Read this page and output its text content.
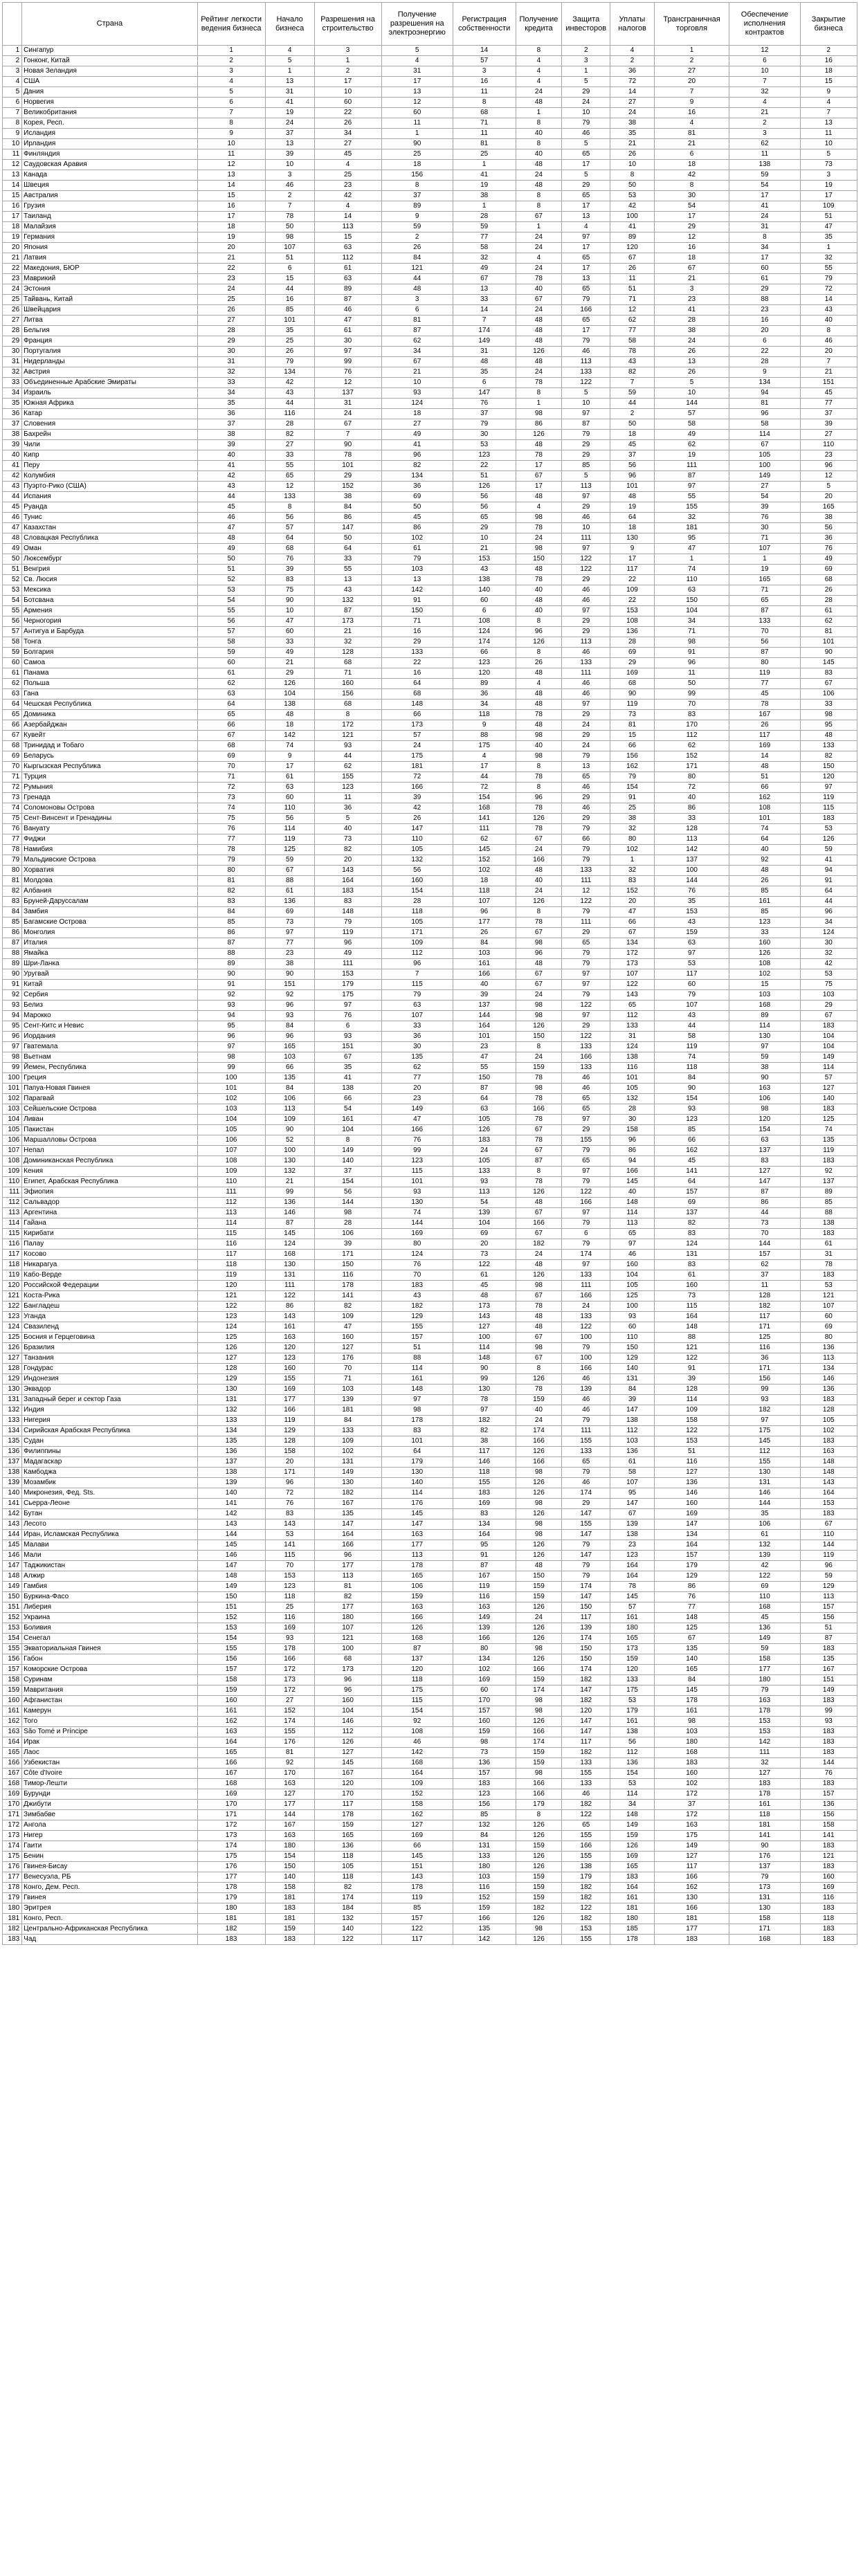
	Страна	Рейтинг легкости ведения бизнеса	Начало бизнеса	Разрешения на строительство	Получение разрешения на электроэнергию	Регистрация собственности	Получение кредита	Защита инвесторов	Уплаты налогов	Трансграничная торговля	Обеспечение исполнения контрактов	Закрытие бизнеса
1	Сингапур	1	4	3	5	14	8	2	4	1	12	2
2	Гонконг, Китай	2	5	1	4	57	4	3	2	2	6	16
3	Новая Зеландия	3	1	2	31	3	4	1	36	27	10	18
4	США	4	13	17	17	16	4	5	72	20	7	15
5	Дания	5	31	10	13	11	24	29	14	7	32	9
6	Норвегия	6	41	60	12	8	48	24	27	9	4	4
7	Великобритания	7	19	22	60	68	1	10	24	16	21	7
8	Корея, Респ.	8	24	26	11	71	8	79	38	4	2	13
9	Исландия	9	37	34	1	11	40	46	35	81	3	11
10	Ирландия	10	13	27	90	81	8	5	21	21	62	10
11	Финляндия	11	39	45	25	25	40	65	26	6	11	5
12	Саудовская Аравия	12	10	4	18	1	48	17	10	18	138	73
13	Канада	13	3	25	156	41	24	5	8	42	59	3
14	Швеция	14	46	23	8	19	48	29	50	8	54	19
15	Австралия	15	2	42	37	38	8	65	53	30	17	17
16	Грузия	16	7	4	89	1	8	17	42	54	41	109
17	Таиланд	17	78	14	9	28	67	13	100	17	24	51
18	Малайзия	18	50	113	59	59	1	4	41	29	31	47
19	Германия	19	98	15	2	77	24	97	89	12	8	35
20	Япония	20	107	63	26	58	24	17	120	16	34	1
21	Латвия	21	51	112	84	32	4	65	67	18	17	32
22	Македония, БЮР	22	6	61	121	49	24	17	26	67	60	55
23	Маврикий	23	15	63	44	67	78	13	11	21	61	79
24	Эстония	24	44	89	48	13	40	65	51	3	29	72
25	Тайвань, Китай	25	16	87	3	33	67	79	71	23	88	14
26	Швейцария	26	85	46	6	14	24	166	12	41	23	43
27	Литва	27	101	47	81	7	48	65	62	28	16	40
28	Бельгия	28	35	61	87	174	48	17	77	38	20	8
29	Франция	29	25	30	62	149	48	79	58	24	6	46
30	Португалия	30	26	97	34	31	126	46	78	26	22	20
31	Нидерланды	31	79	99	67	48	48	113	43	13	28	7
32	Австрия	32	134	76	21	35	24	133	82	26	9	21
33	Объединенные Арабские Эмираты	33	42	12	10	6	78	122	7	5	134	151
34	Израиль	34	43	137	93	147	8	5	59	10	94	45
35	Южная Африка	35	44	31	124	76	1	10	44	144	81	77
36	Катар	36	116	24	18	37	98	97	2	57	96	37
37	Словения	37	28	67	27	79	86	87	50	58	58	39
38	Бахрейн	38	82	7	49	30	126	79	18	49	114	27
39	Чили	39	27	90	41	53	48	29	45	62	67	110
40	Кипр	40	33	78	96	123	78	29	37	19	105	23
41	Перу	41	55	101	82	22	17	85	56	111	100	96
42	Колумбия	42	65	29	134	51	67	5	96	87	149	12
43	Пуэрто-Рико (США)	43	12	152	36	126	17	113	101	97	27	5
44	Испания	44	133	38	69	56	48	97	48	55	54	20
45	Руанда	45	8	84	50	56	4	29	19	155	39	165
46	Тунис	46	56	86	45	65	98	46	64	32	76	38
47	Казахстан	47	57	147	86	29	78	10	18	181	30	56
48	Словацкая Республика	48	64	50	102	10	24	111	130	95	71	36
49	Оман	49	68	64	61	21	98	97	9	47	107	76
50	Люксембург	50	76	33	79	153	150	122	17	1	1	49
51	Венгрия	51	39	55	103	43	48	122	117	74	19	69
52	Св. Люсия	52	83	13	13	138	78	29	22	110	165	68
53	Мексика	53	75	43	142	140	40	46	109	63	71	26
54	Ботсвана	54	90	132	91	60	48	46	22	150	65	28
55	Армения	55	10	87	150	6	40	97	153	104	87	61
56	Черногория	56	47	173	71	108	8	29	108	34	133	62
57	Антигуа и Барбуда	57	60	21	16	124	96	29	136	71	70	81
58	Тонга	58	33	32	29	174	126	113	28	98	56	101
59	Болгария	59	49	128	133	66	8	46	69	91	87	90
60	Самоа	60	21	68	22	123	26	133	29	96	80	145
61	Панама	61	29	71	16	120	48	111	169	11	119	83
62	Польша	62	126	160	64	89	4	46	68	50	77	67
63	Гана	63	104	156	68	36	48	46	90	99	45	106
64	Чешская Республика	64	138	68	148	34	48	97	119	70	78	33
65	Доминика	65	48	8	66	118	78	29	73	83	167	98
66	Азербайджан	66	18	172	173	9	48	24	81	170	26	95
67	Кувейт	67	142	121	57	88	98	29	15	112	117	48
68	Тринидад и Тобаго	68	74	93	24	175	40	24	66	62	169	133
69	Беларусь	69	9	44	175	4	98	79	156	152	14	82
70	Кыргызская Республика	70	17	62	181	17	8	13	162	171	48	150
71	Турция	71	61	155	72	44	78	65	79	80	51	120
72	Румыния	72	63	123	166	72	8	46	154	72	66	97
73	Гренада	73	60	11	39	154	96	29	91	40	162	119
74	Соломоновы Острова	74	110	36	42	168	78	46	25	86	108	115
75	Сент-Винсент и Гренадины	75	56	5	26	141	126	29	38	33	101	183
76	Вануату	76	114	40	147	111	78	79	32	128	74	53
77	Фиджи	77	119	73	110	62	67	66	80	113	64	126
78	Намибия	78	125	82	105	145	24	79	102	142	40	59
79	Мальдивские Острова	79	59	20	132	152	166	79	1	137	92	41
80	Хорватия	80	67	143	56	102	48	133	32	100	48	94
81	Молдова	81	88	164	160	18	40	111	83	144	26	91
82	Албания	82	61	183	154	118	24	12	152	76	85	64
83	Бруней-Даруссалам	83	136	83	28	107	126	122	20	35	161	44
84	Замбия	84	69	148	118	96	8	79	47	153	85	96
85	Багамские Острова	85	73	79	105	177	78	111	66	43	123	34
86	Монголия	86	97	119	171	26	67	29	67	159	33	124
87	Италия	87	77	96	109	84	98	65	134	63	160	30
88	Ямайка	88	23	49	112	103	96	79	172	97	126	32
89	Шри-Ланка	89	38	111	96	161	48	79	173	53	108	42
90	Уругвай	90	90	153	7	166	67	97	107	117	102	53
91	Китай	91	151	179	115	40	67	97	122	60	15	75
92	Сербия	92	92	175	79	39	24	79	143	79	103	103
93	Белиз	93	96	97	63	137	98	122	65	107	168	29
94	Марокко	94	93	76	107	144	98	97	112	43	89	67
95	Сент-Китс и Невис	95	84	6	33	164	126	29	133	44	114	183
96	Иордания	96	96	93	36	101	150	122	31	58	130	104
97	Гватемала	97	165	151	30	23	8	133	124	119	97	104
98	Вьетнам	98	103	67	135	47	24	166	138	74	59	149
99	Йемен, Республика	99	66	35	62	55	159	133	116	118	38	114
100	Греция	100	135	41	77	150	78	46	101	84	90	57
101	Папуа-Новая Гвинея	101	84	138	20	87	98	46	105	90	163	127
102	Парагвай	102	106	66	23	64	78	65	132	154	106	140
103	Сейшельские Острова	103	113	54	149	63	166	65	28	93	98	183
104	Ливан	104	109	161	47	105	78	97	30	123	120	125
105	Пакистан	105	90	104	166	126	67	29	158	85	154	74
106	Маршалловы Острова	106	52	8	76	183	78	155	96	66	63	135
107	Непал	107	100	149	99	24	67	79	86	162	137	119
108	Доминиканская Республика	108	130	140	123	105	87	65	94	45	83	183
109	Кения	109	132	37	115	133	8	97	166	141	127	92
110	Египет, Арабская Республика	110	21	154	101	93	78	79	145	64	147	137
111	Эфиопия	111	99	56	93	113	126	122	40	157	87	89
112	Сальвадор	112	136	144	130	54	48	166	148	69	86	85
113	Аргентина	113	146	98	74	139	67	97	114	137	44	88
114	Гайана	114	87	28	144	104	166	79	113	82	73	138
115	Кирибати	115	145	106	169	69	67	6	65	83	70	183
116	Палау	116	124	39	80	20	182	79	97	124	144	61
117	Косово	117	168	171	124	73	24	174	46	131	157	31
118	Никарагуа	118	130	150	76	122	48	97	160	83	62	78
119	Кабо-Верде	119	131	116	70	61	126	133	104	61	37	183
120	Российской Федерации	120	111	178	183	45	98	111	105	160	11	53
121	Коста-Рика	121	122	141	43	48	67	166	125	73	128	121
122	Бангладеш	122	86	82	182	173	78	24	100	115	182	107
123	Уганда	123	143	109	129	143	48	133	93	164	117	60
124	Свазиленд	124	161	47	155	127	48	122	60	148	171	69
125	Босния и Герцеговина	125	163	160	157	100	67	100	110	88	125	80
126	Бразилия	126	120	127	51	114	98	79	150	121	116	136
127	Танзания	127	123	176	88	148	67	100	129	122	36	113
128	Гондурас	128	160	70	114	90	8	166	140	91	171	134
129	Индонезия	129	155	71	161	99	126	46	131	39	156	146
130	Эквадор	130	169	103	148	130	78	139	84	128	99	136
131	Западный берег и сектор Газа	131	177	139	97	78	159	46	39	114	93	183
132	Индия	132	166	181	98	97	40	46	147	109	182	128
133	Нигерия	133	119	84	178	182	24	79	138	158	97	105
134	Сирийская Арабская Республика	134	129	133	83	82	174	111	112	122	175	102
135	Судан	135	128	109	101	38	166	155	103	153	145	183
136	Филиппины	136	158	102	64	117	126	133	136	51	112	163
137	Мадагаскар	137	20	131	179	146	166	65	61	116	155	148
138	Камбоджа	138	171	149	130	118	98	79	58	127	130	148
139	Мозамбик	139	96	130	140	155	126	46	107	136	131	143
140	Микронезия, Фед. Sts.	140	72	182	114	183	126	174	95	146	146	164
141	Сьерра-Леоне	141	76	167	176	169	98	29	147	160	144	153
142	Бутан	142	83	135	145	83	126	147	67	169	35	183
143	Лесото	143	143	147	147	134	98	155	139	147	106	67
144	Иран, Исламская Республика	144	53	164	163	164	98	147	138	134	61	110
145	Малави	145	141	166	177	95	126	79	23	164	132	144
146	Мали	146	115	96	113	91	126	147	123	157	139	119
147	Таджикистан	147	70	177	178	87	48	79	164	179	42	96
148	Алжир	148	153	113	165	167	150	79	164	129	122	59
149	Гамбия	149	123	81	106	119	159	174	78	86	69	129
150	Буркина-Фасо	150	118	82	159	116	159	147	145	76	110	113
151	Либерия	151	25	177	163	163	126	150	57	77	168	157
152	Украина	152	116	180	166	149	24	117	161	148	45	156
153	Боливия	153	169	107	126	139	126	139	180	125	136	51
154	Сенегал	154	93	121	168	166	126	174	165	67	149	87
155	Экваториальная Гвинея	155	178	100	87	80	98	150	173	135	59	183
156	Габон	156	166	68	137	134	126	150	159	140	158	135
157	Коморские Острова	157	172	173	120	102	166	174	120	165	177	167
158	Суринам	158	173	96	118	169	159	182	133	84	180	151
159	Мавритания	159	172	96	175	60	174	147	175	145	79	149
160	Афганистан	160	27	160	115	170	98	182	53	178	163	183
161	Камерун	161	152	104	154	157	98	120	179	161	178	99
162	Того	162	174	146	92	160	126	147	161	98	153	93
163	São Tomé и Príncipe	163	155	112	108	159	166	147	138	103	153	183
164	Ирак	164	176	126	46	98	174	117	56	180	142	183
165	Лаос	165	81	127	142	73	159	182	112	168	111	183
166	Узбекистан	166	92	145	168	136	159	133	136	183	32	144
167	Côte d'Ivoire	167	170	167	164	157	98	155	154	160	127	76
168	Тимор-Лешти	168	163	120	109	183	166	133	53	102	183	183
169	Бурунди	169	127	170	152	123	166	46	114	172	178	157
170	Джибути	170	177	117	158	156	179	182	34	37	161	136
171	Зимбабве	171	144	178	162	85	8	122	148	172	118	156
172	Ангола	172	167	159	127	132	126	65	149	163	181	158
173	Нигер	173	163	165	169	84	126	155	159	175	141	141
174	Гаити	174	180	136	66	131	159	166	126	149	90	183
175	Бенин	175	154	118	145	133	126	155	169	127	176	121
176	Гвинея-Бисау	176	150	105	151	180	126	138	165	117	137	183
177	Венесуэла, РБ	177	140	118	143	103	159	179	183	166	79	160
178	Конго, Дем. Респ.	178	158	82	178	116	159	182	164	162	173	169
179	Гвинея	179	181	174	119	152	159	182	161	130	131	116
180	Эритрея	180	183	184	85	159	182	122	181	166	130	183
181	Конго, Респ.	181	181	132	157	166	126	182	180	181	158	118
182	Центрально-Африканская Республика	182	159	140	122	135	98	153	185	177	171	183
183	Чад	183	183	122	117	142	126	155	178	183	168	183
